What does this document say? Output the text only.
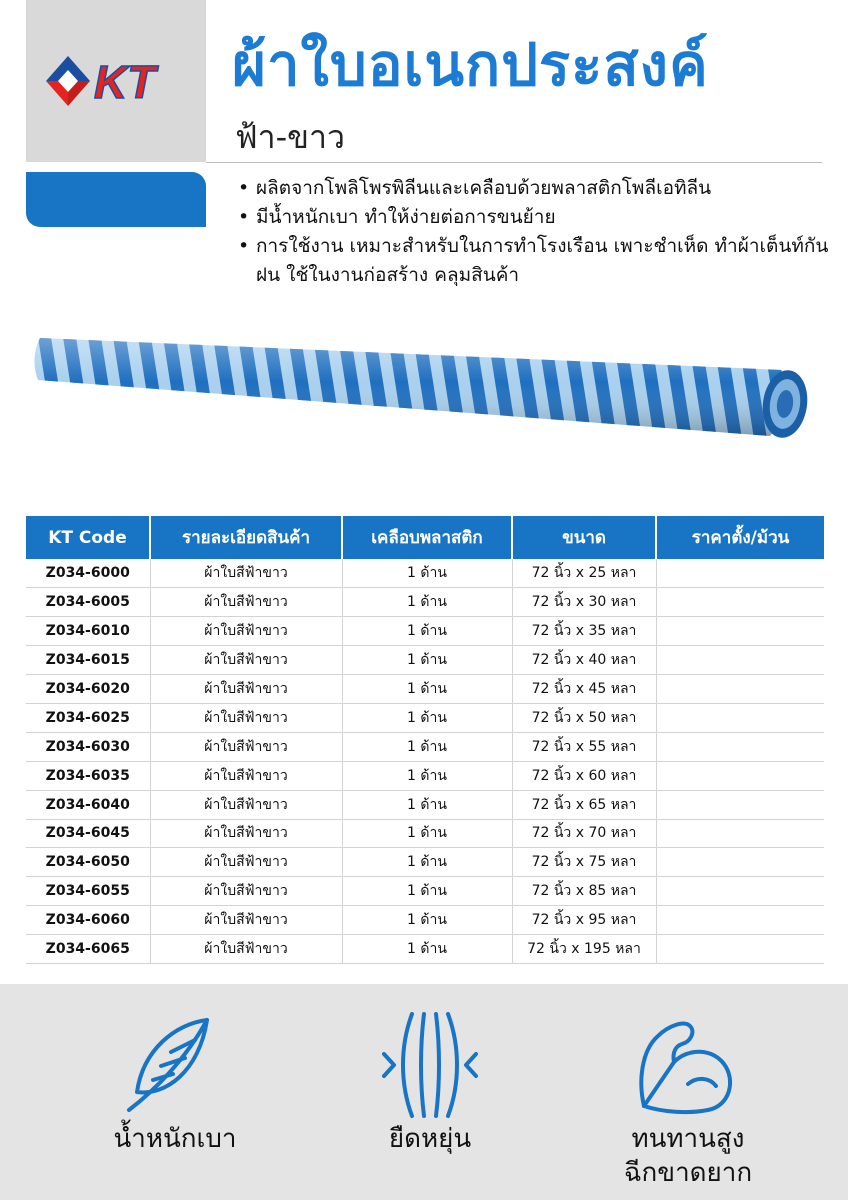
KT ผ้าใบอเนกประสงค์
ฟ้า-ขาว
• ผลิตจากโพลิโพรพิลีนและเคลือบด้วยพลาสติกโพลีเอทิลีน
• มีน้ำหนักเบา ทำให้ง่ายต่อการขนย้าย
• การใช้งาน เหมาะสำหรับในการทำโรงเรือน เพาะชำเห็ด ทำผ้าเต็นท์กันฝน ใช้ในงานก่อสร้าง คลุมสินค้า
KT Code	รายละเอียดสินค้า	เคลือบพลาสติก	ขนาด	ราคาตั้ง/ม้วน
Z034-6000	ผ้าใบสีฟ้าขาว	1 ด้าน	72 นิ้ว x 25 หลา	
Z034-6005	ผ้าใบสีฟ้าขาว	1 ด้าน	72 นิ้ว x 30 หลา	
Z034-6010	ผ้าใบสีฟ้าขาว	1 ด้าน	72 นิ้ว x 35 หลา	
Z034-6015	ผ้าใบสีฟ้าขาว	1 ด้าน	72 นิ้ว x 40 หลา	
Z034-6020	ผ้าใบสีฟ้าขาว	1 ด้าน	72 นิ้ว x 45 หลา	
Z034-6025	ผ้าใบสีฟ้าขาว	1 ด้าน	72 นิ้ว x 50 หลา	
Z034-6030	ผ้าใบสีฟ้าขาว	1 ด้าน	72 นิ้ว x 55 หลา	
Z034-6035	ผ้าใบสีฟ้าขาว	1 ด้าน	72 นิ้ว x 60 หลา	
Z034-6040	ผ้าใบสีฟ้าขาว	1 ด้าน	72 นิ้ว x 65 หลา	
Z034-6045	ผ้าใบสีฟ้าขาว	1 ด้าน	72 นิ้ว x 70 หลา	
Z034-6050	ผ้าใบสีฟ้าขาว	1 ด้าน	72 นิ้ว x 75 หลา	
Z034-6055	ผ้าใบสีฟ้าขาว	1 ด้าน	72 นิ้ว x 85 หลา	
Z034-6060	ผ้าใบสีฟ้าขาว	1 ด้าน	72 นิ้ว x 95 หลา	
Z034-6065	ผ้าใบสีฟ้าขาว	1 ด้าน	72 นิ้ว x 195 หลา	
น้ำหนักเบา	ยืดหยุ่น	ทนทานสูง
ฉีกขาดยาก
